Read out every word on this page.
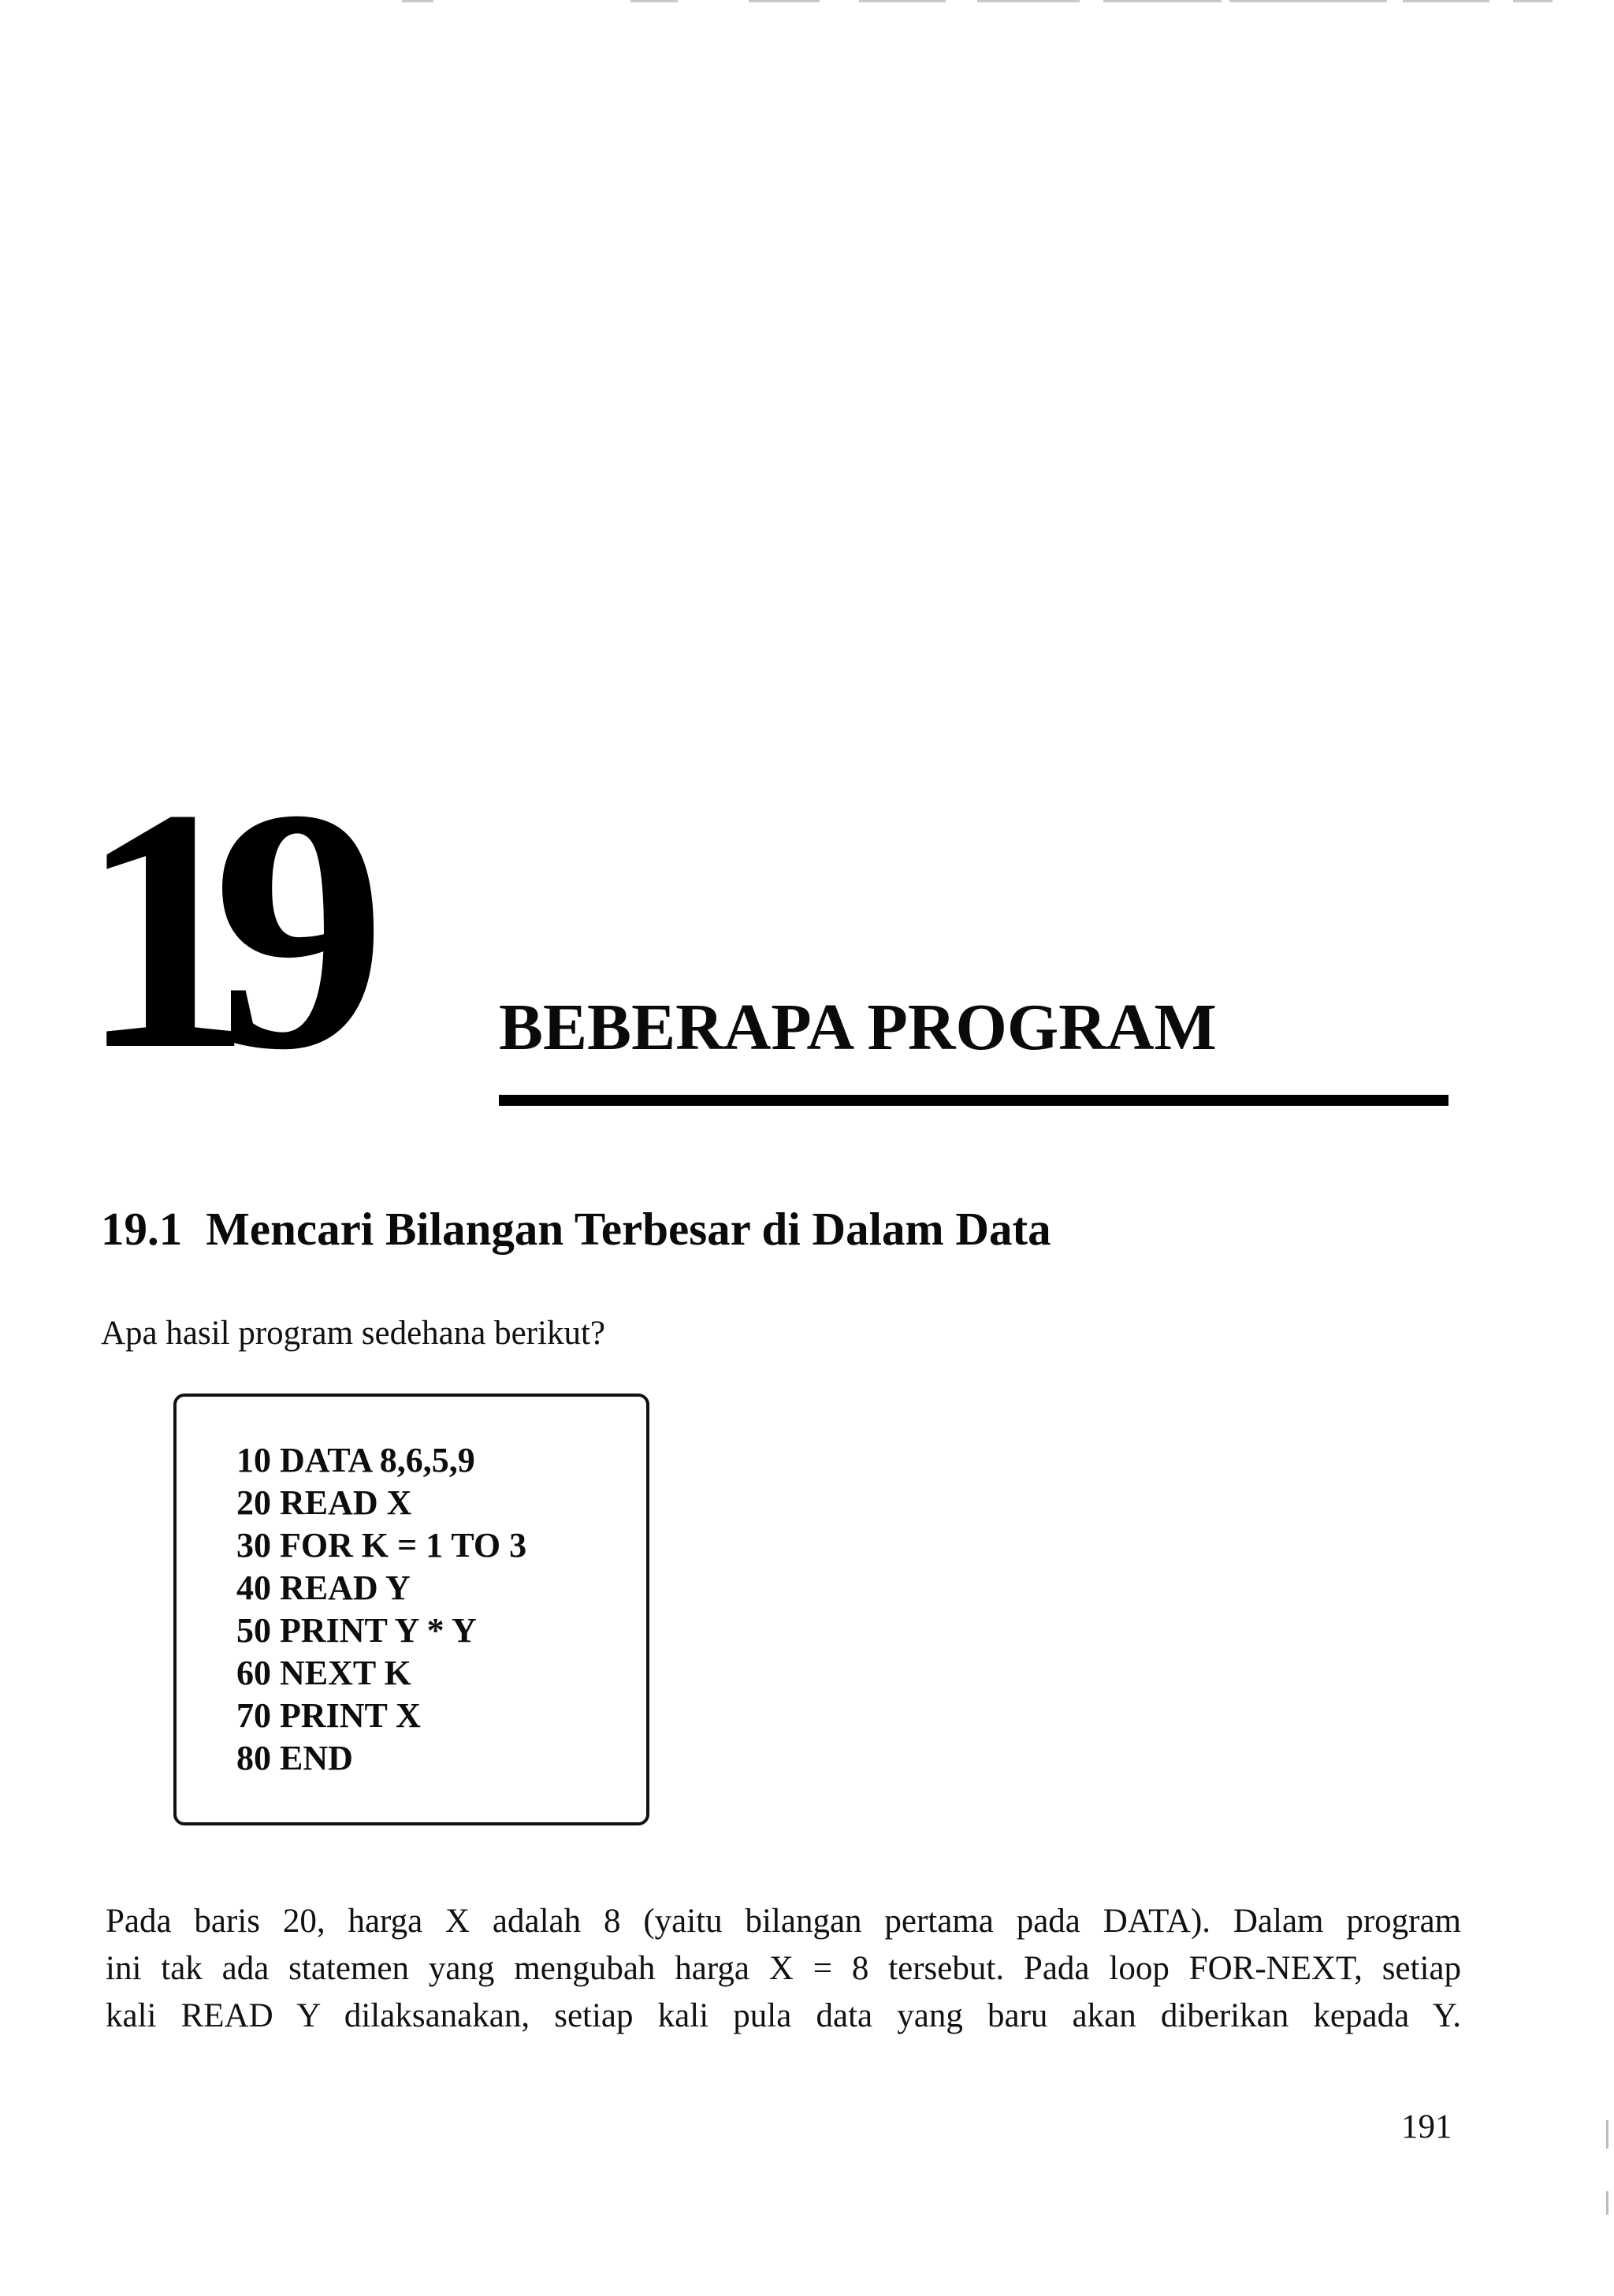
19 BEBERAPA PROGRAM
19.1 Mencari Bilangan Terbesar di Dalam Data
Apa hasil program sedehana berikut?
10 DATA 8,6,5,9
20 READ X
30 FOR K = 1 TO 3
40 READ Y
50 PRINT Y * Y
60 NEXT K
70 PRINT X
80 END

Pada baris 20, harga X adalah 8 (yaitu bilangan pertama pada DATA). Dalam program
ini tak ada statemen yang mengubah harga X = 8 tersebut. Pada loop FOR-NEXT, setiap
kali READ Y dilaksanakan, setiap kali pula data yang baru akan diberikan kepada Y.

191
